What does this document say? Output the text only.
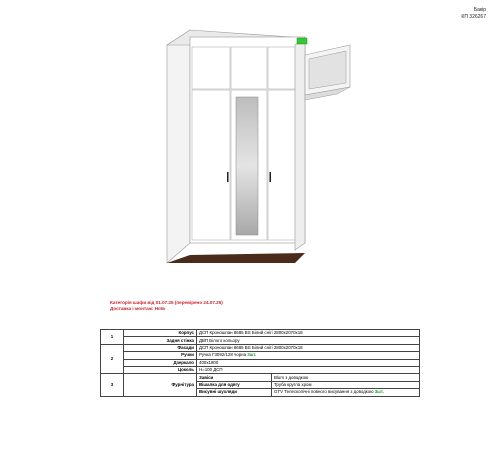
Бакір
КП 326267
Категорія шафи від 01.07.25 (перевірено 24.07.25)
Доставка і монтаж: Ноїв
1	Корпус	ДСП Кроношпан 8685 BS Білий снігі 2800х2070х18	
	Задня стінка	ДВП Білого кольору	
2	Фасади	ДСП Кроношпан 8685 BS Білий снігі 2800х2070х18	
	Ручки	Ручка Г3092/128 чорна 3шт.	
	Дзеркало	400х1800	
	Цоколь	Н=100 ДСП	
3	Фурнітура	Завіси	Blum з доводкою
		Вішалка для одягу	Труба кругла хром
		Висувні шухляди	GTV Телескопічні повного висування з доводкою 3шт.
